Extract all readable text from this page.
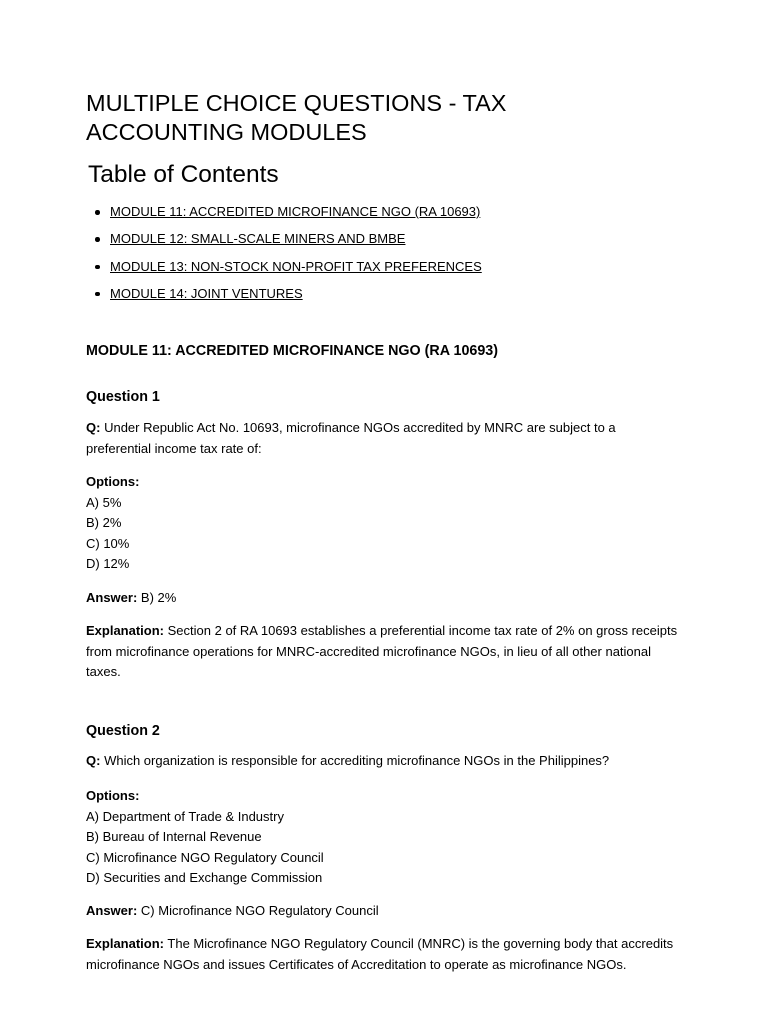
MULTIPLE CHOICE QUESTIONS - TAX ACCOUNTING MODULES
Table of Contents
MODULE 11: ACCREDITED MICROFINANCE NGO (RA 10693)
MODULE 12: SMALL-SCALE MINERS AND BMBE
MODULE 13: NON-STOCK NON-PROFIT TAX PREFERENCES
MODULE 14: JOINT VENTURES
MODULE 11: ACCREDITED MICROFINANCE NGO (RA 10693)
Question 1

Q: Under Republic Act No. 10693, microfinance NGOs accredited by MNRC are subject to a preferential income tax rate of:

Options:
A) 5%
B) 2%
C) 10%
D) 12%

Answer: B) 2%

Explanation: Section 2 of RA 10693 establishes a preferential income tax rate of 2% on gross receipts from microfinance operations for MNRC-accredited microfinance NGOs, in lieu of all other national taxes.

Question 2

Q: Which organization is responsible for accrediting microfinance NGOs in the Philippines?

Options:
A) Department of Trade & Industry
B) Bureau of Internal Revenue
C) Microfinance NGO Regulatory Council
D) Securities and Exchange Commission

Answer: C) Microfinance NGO Regulatory Council

Explanation: The Microfinance NGO Regulatory Council (MNRC) is the governing body that accredits microfinance NGOs and issues Certificates of Accreditation to operate as microfinance NGOs.
